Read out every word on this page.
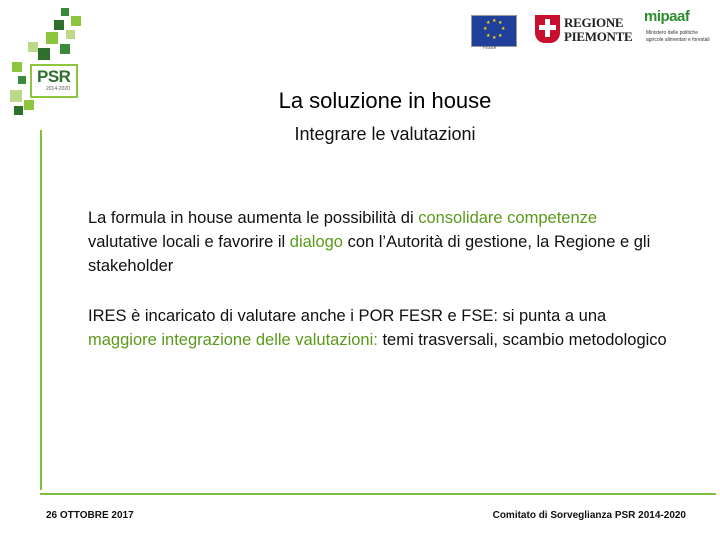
PSR
2014-2020
★ ★
★
★
★
★
★
★
FEASR
REGIONE
PIEMONTE
mipaaf
Ministero delle politiche agricole alimentari e forestali
La soluzione in house
Integrare le valutazioni
La formula in house aumenta le possibilità di consolidare competenze valutative locali e favorire il dialogo con l’Autorità di gestione, la Regione e gli stakeholder
IRES è incaricato di valutare anche i POR FESR e FSE: si punta a una maggiore integrazione delle valutazioni: temi trasversali, scambio metodologico
26 OTTOBRE 2017	Comitato di Sorveglianza PSR 2014-2020
